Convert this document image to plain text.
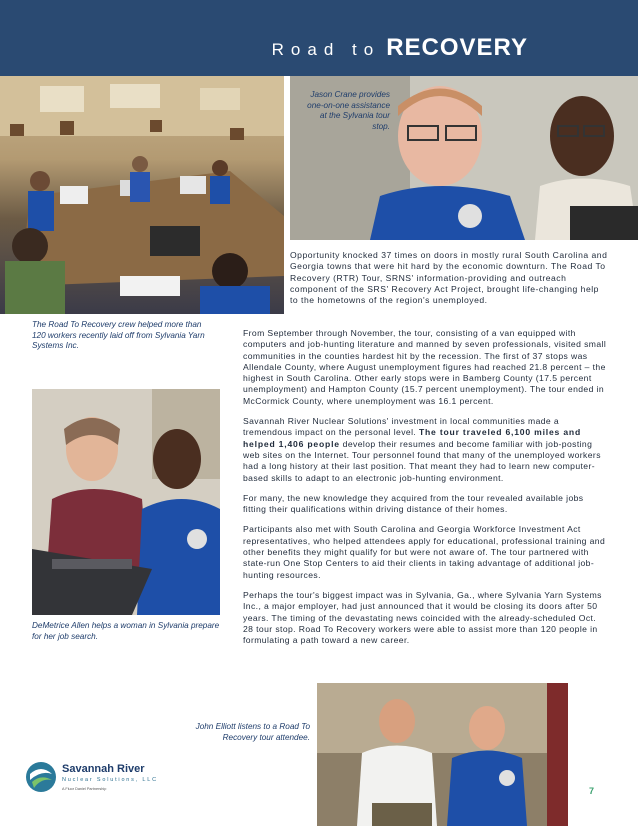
Road to RECOVERY
The Road To Recovery crew helped more than 120 workers recently laid off from Sylvania Yarn Systems Inc.
Jason Crane provides one-on-one assistance at the Sylvania tour stop.
DeMetrice Allen helps a woman in Sylvania prepare for her job search.
John Elliott listens to a Road To Recovery tour attendee.
Opportunity knocked 37 times on doors in mostly rural South Carolina and Georgia towns that were hit hard by the economic downturn. The Road To Recovery (RTR) Tour, SRNS' information-providing and outreach component of the SRS' Recovery Act Project, brought life-changing help to the hometowns of the region's unemployed.

From September through November, the tour, consisting of a van equipped with computers and job-hunting literature and manned by seven professionals, visited small communities in the counties hardest hit by the recession. The first of 37 stops was Allendale County, where August unemployment figures had reached 21.8 percent – the highest in South Carolina. Other early stops were in Bamberg County (17.5 percent unemployment) and Hampton County (15.7 percent unemployment). The tour ended in McCormick County, where unemployment was 16.1 percent.

Savannah River Nuclear Solutions' investment in local communities made a tremendous impact on the personal level. The tour traveled 6,100 miles and helped 1,406 people develop their resumes and become familiar with job-posting web sites on the Internet. Tour personnel found that many of the unemployed workers had a long history at their last position. That meant they had to learn new computer-based skills to adapt to an electronic job-hunting environment.

For many, the new knowledge they acquired from the tour revealed available jobs fitting their qualifications within driving distance of their homes.

Participants also met with South Carolina and Georgia Workforce Investment Act representatives, who helped attendees apply for educational, professional training and other benefits they might qualify for but were not aware of. The tour partnered with state-run One Stop Centers to aid their clients in taking advantage of additional job-hunting resources.

Perhaps the tour's biggest impact was in Sylvania, Ga., where Sylvania Yarn Systems Inc., a major employer, had just announced that it would be closing its doors after 50 years. The timing of the devastating news coincided with the already-scheduled Oct. 28 tour stop. Road To Recovery workers were able to assist more than 120 people in formulating a path toward a new career.

Savannah River
Nuclear Solutions, LLC
A Fluor Daniel Partnership	7
